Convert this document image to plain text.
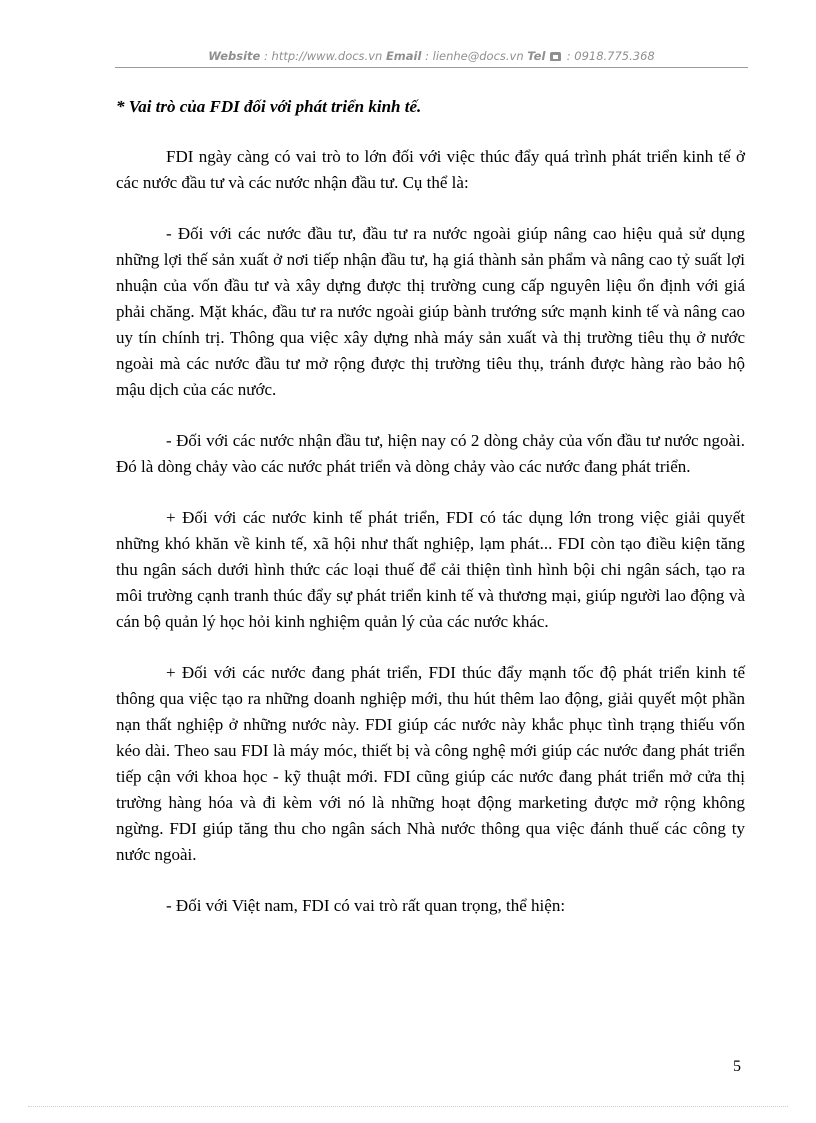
Website : http://www.docs.vn Email : lienhe@docs.vn Tel  : 0918.775.368
* Vai trò của FDI đối với phát triển kinh tế.

FDI ngày càng có vai trò to lớn đối với việc thúc đẩy quá trình phát triển kinh tế ở các nước đầu tư và các nước nhận đầu tư. Cụ thể là:

- Đối với các nước đầu tư, đầu tư ra nước ngoài giúp nâng cao hiệu quả sử dụng những lợi thế sản xuất ở nơi tiếp nhận đầu tư, hạ giá thành sản phẩm và nâng cao tỷ suất lợi nhuận của vốn đầu tư và xây dựng được thị trường cung cấp nguyên liệu ổn định với giá phải chăng. Mặt khác, đầu tư ra nước ngoài giúp bành trướng sức mạnh kinh tế và nâng cao uy tín chính trị. Thông qua việc xây dựng nhà máy sản xuất và thị trường tiêu thụ ở nước ngoài mà các nước đầu tư mở rộng được thị trường tiêu thụ, tránh được hàng rào bảo hộ mậu dịch của các nước.

- Đối với các nước nhận đầu tư, hiện nay có 2 dòng chảy của vốn đầu tư nước ngoài. Đó là dòng chảy vào các nước phát triển và dòng chảy vào các nước đang phát triển.

+ Đối với các nước kinh tế phát triển, FDI có tác dụng lớn trong việc giải quyết những khó khăn về kinh tế, xã hội như thất nghiệp, lạm phát... FDI còn tạo điều kiện tăng thu ngân sách dưới hình thức các loại thuế để cải thiện tình hình bội chi ngân sách, tạo ra môi trường cạnh tranh thúc đẩy sự phát triển kinh tế và thương mại, giúp người lao động và cán bộ quản lý học hỏi kinh nghiệm quản lý của các nước khác.

+ Đối với các nước đang phát triển, FDI thúc đẩy mạnh tốc độ phát triển kinh tế thông qua việc tạo ra những doanh nghiệp mới, thu hút thêm lao động, giải quyết một phần nạn thất nghiệp ở những nước này. FDI giúp các nước này khắc phục tình trạng thiếu vốn kéo dài. Theo sau FDI là máy móc, thiết bị và công nghệ mới giúp các nước đang phát triển tiếp cận với khoa học - kỹ thuật mới. FDI cũng giúp các nước đang phát triển mở cửa thị trường hàng hóa và đi kèm với nó là những hoạt động marketing được mở rộng không ngừng. FDI giúp tăng thu cho ngân sách Nhà nước thông qua việc đánh thuế các công ty nước ngoài.

- Đối với Việt nam, FDI có vai trò rất quan trọng, thể hiện:

5
